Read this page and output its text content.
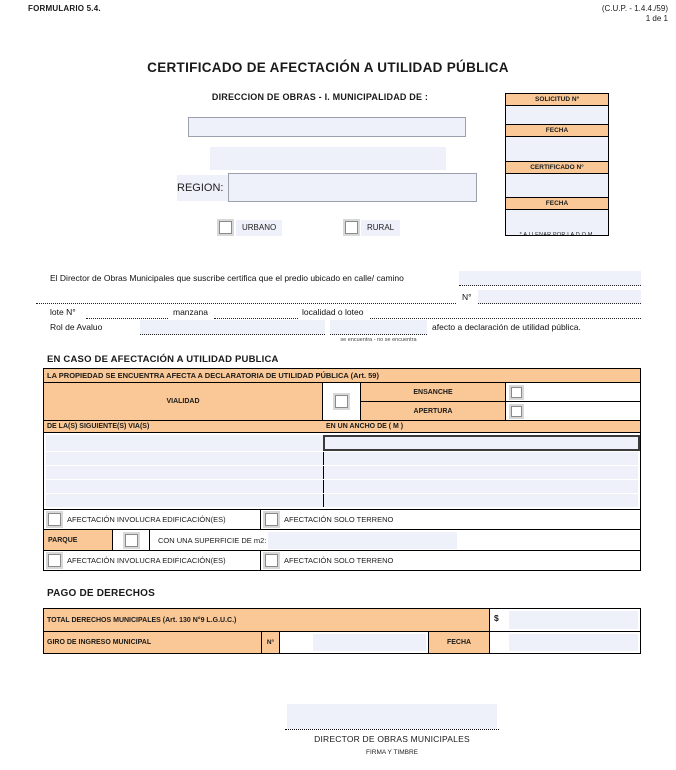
FORMULARIO 5.4.	(C.U.P. - 1.4.4./59)
1 de 1
CERTIFICADO DE AFECTACIÓN A UTILIDAD PÚBLICA
DIRECCION DE OBRAS - I. MUNICIPALIDAD DE :	SOLICITUD Nº
FECHA
CERTIFICADO N°
FECHA
* A LLENAR POR LA D.O.M.
REGION:
URBANO	RURAL
El Director de Obras Municipales que suscribe certifica que el predio ubicado en calle/ camino
N°
lote N°	manzana	localidad o loteo
Rol de Avaluo
se encuentra - no se encuentra
afecto a declaración de utilidad pública.
EN CASO DE AFECTACIÓN A UTILIDAD PUBLICA
LA PROPIEDAD SE ENCUENTRA AFECTA A DECLARATORIA DE UTILIDAD PÚBLICA (Art. 59)
VIALIDAD
ENSANCHE
APERTURA
DE LA(S) SIGUIENTE(S) VIA(S)	EN UN ANCHO DE ( M )
AFECTACIÓN INVOLUCRA EDIFICACIÓN(ES)	AFECTACIÓN SOLO TERRENO
PARQUE	CON UNA SUPERFICIE DE m2:
AFECTACIÓN INVOLUCRA EDIFICACIÓN(ES)	AFECTACIÓN SOLO TERRENO
PAGO DE DERECHOS
TOTAL DERECHOS MUNICIPALES (Art. 130 N°9 L.G.U.C.)	$
GIRO DE INGRESO MUNICIPAL	N°	FECHA
DIRECTOR DE OBRAS MUNICIPALES
FIRMA Y TIMBRE
